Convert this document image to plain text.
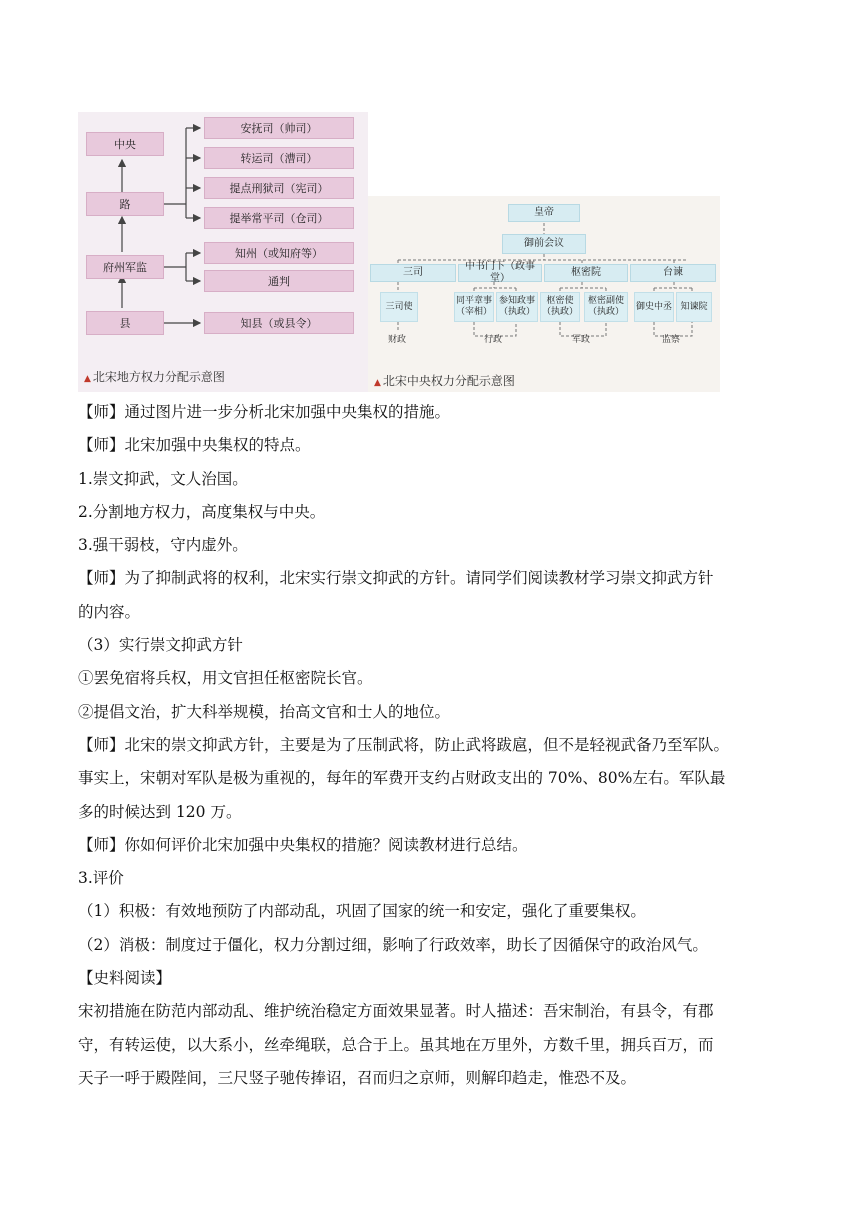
中央
路
府州军监
县
安抚司（帅司）
转运司（漕司）
提点刑狱司（宪司）
提举常平司（仓司）
知州（或知府等）
通判
知县（或县令）
▲ 北宋地方权力分配示意图
皇帝
御前会议
三司
中书门下（政事堂）
枢密院	台谏
三司使
同平章事（宰相）
参知政事（执政）
枢密使（执政）
枢密副使（执政）
御史中丞 知谏院
财政	行政	军政	监察
▲ 北宋中央权力分配示意图

【师】通过图片进一步分析北宋加强中央集权的措施。

【师】北宋加强中央集权的特点。

1.崇文抑武，文人治国。

2.分割地方权力，高度集权与中央。

3.强干弱枝，守内虚外。

【师】为了抑制武将的权利，北宋实行崇文抑武的方针。请同学们阅读教材学习崇文抑武方针

的内容。

（3）实行崇文抑武方针

①罢免宿将兵权，用文官担任枢密院长官。

②提倡文治，扩大科举规模，抬高文官和士人的地位。

【师】北宋的崇文抑武方针，主要是为了压制武将，防止武将跋扈，但不是轻视武备乃至军队。

事实上，宋朝对军队是极为重视的，每年的军费开支约占财政支出的 70%、80%左右。军队最

多的时候达到 120 万。

【师】你如何评价北宋加强中央集权的措施？阅读教材进行总结。

3.评价

（1）积极：有效地预防了内部动乱，巩固了国家的统一和安定，强化了重要集权。

（2）消极：制度过于僵化，权力分割过细，影响了行政效率，助长了因循保守的政治风气。

【史料阅读】

宋初措施在防范内部动乱、维护统治稳定方面效果显著。时人描述：吾宋制治，有县令，有郡

守，有转运使，以大系小，丝牵绳联，总合于上。虽其地在万里外，方数千里，拥兵百万，而

天子一呼于殿陛间，三尺竖子驰传捧诏，召而归之京师，则解印趋走，惟恐不及。
